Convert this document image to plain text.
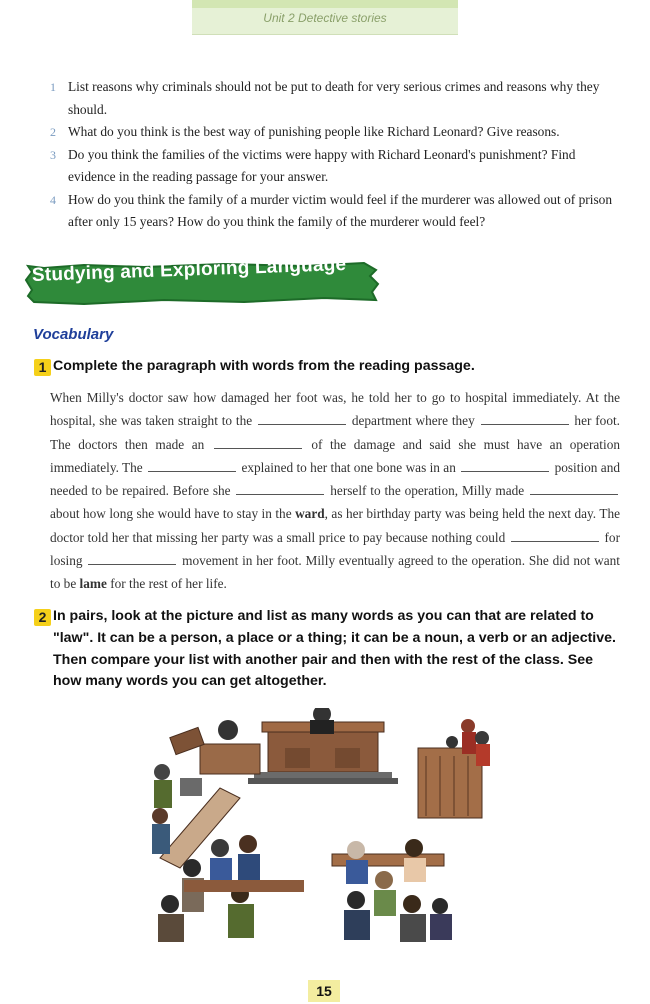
Unit 2 Detective stories
1 List reasons why criminals should not be put to death for very serious crimes and reasons why they should.
2 What do you think is the best way of punishing people like Richard Leonard? Give reasons.
3 Do you think the families of the victims were happy with Richard Leonard's punishment? Find evidence in the reading passage for your answer.
4 How do you think the family of a murder victim would feel if the murderer was allowed out of prison after only 15 years? How do you think the family of the murderer would feel?
Studying and Exploring Language
Vocabulary
1 Complete the paragraph with words from the reading passage.
When Milly's doctor saw how damaged her foot was, he told her to go to hospital immediately. At the hospital, she was taken straight to the	department where they	her foot. The doctors then made an	of the damage and said she must have an operation immediately. The	explained to her that one bone was in an	position and needed to be repaired. Before she	herself to the operation, Milly made  about how long she would have to stay in the ward, as her birthday party was being held the next day. The doctor told her that missing her party was a small price to pay because nothing could	for losing	movement in her foot. Milly eventually agreed to the operation. She did not want to be lame for the rest of her life.
2 In pairs, look at the picture and list as many words as you can that are related to "law". It can be a person, a place or a thing; it can be a noun, a verb or an adjective. Then compare your list with another pair and then with the rest of the class. See how many words you can get altogether.
15
